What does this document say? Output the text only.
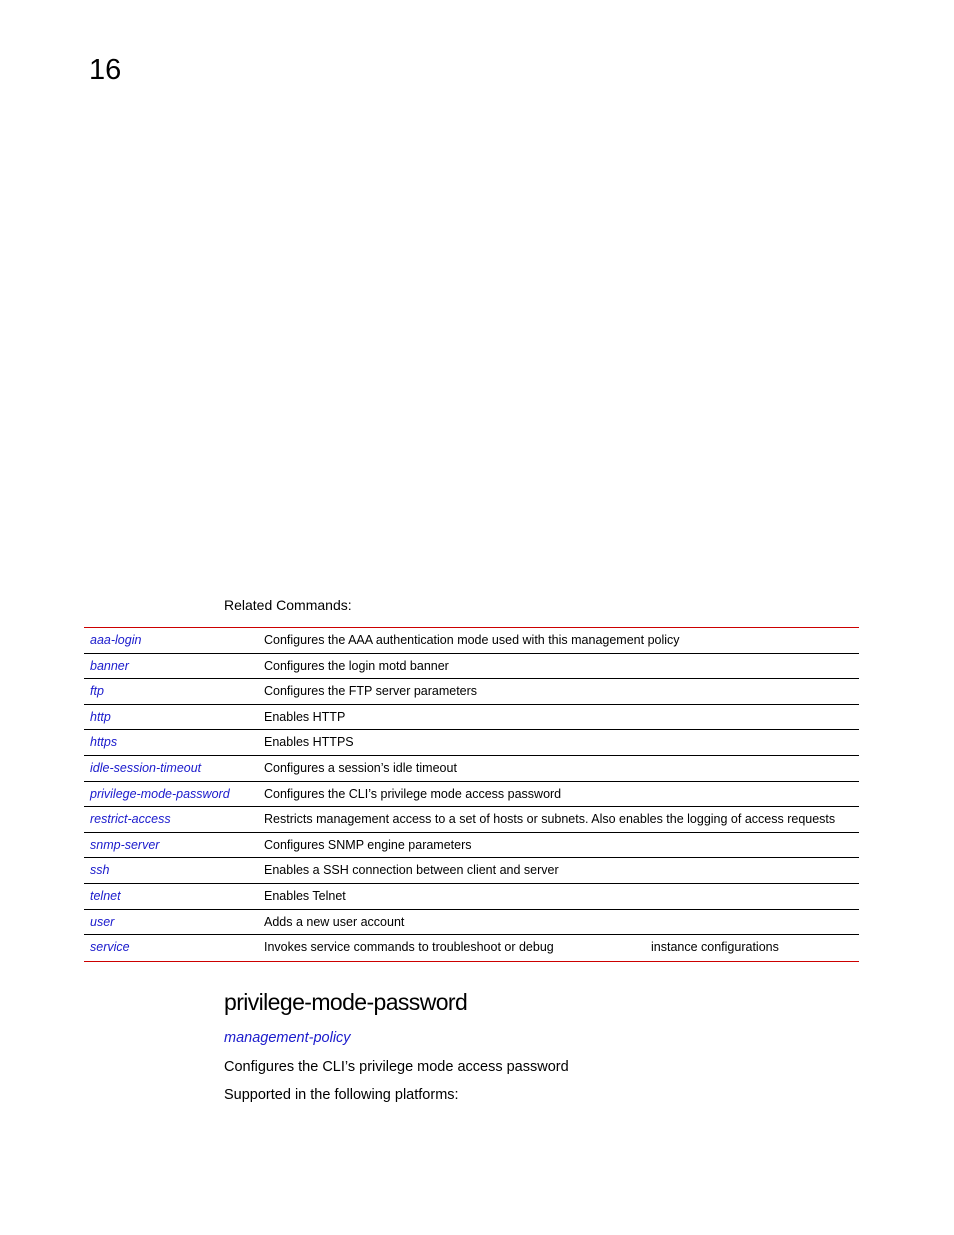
16
Related Commands:
aaa-login	Configures the AAA authentication mode used with this management policy
banner	Configures the login motd banner
ftp	Configures the FTP server parameters
http	Enables HTTP
https	Enables HTTPS
idle-session-timeout	Configures a session’s idle timeout
privilege-mode-password	Configures the CLI’s privilege mode access password
restrict-access	Restricts management access to a set of hosts or subnets. Also enables the logging of access requests
snmp-server	Configures SNMP engine parameters
ssh	Enables a SSH connection between client and server
telnet	Enables Telnet
user	Adds a new user account
service	Invokes service commands to troubleshoot or debug	instance configurations
privilege-mode-password
management-policy
Configures the CLI’s privilege mode access password
Supported in the following platforms:
